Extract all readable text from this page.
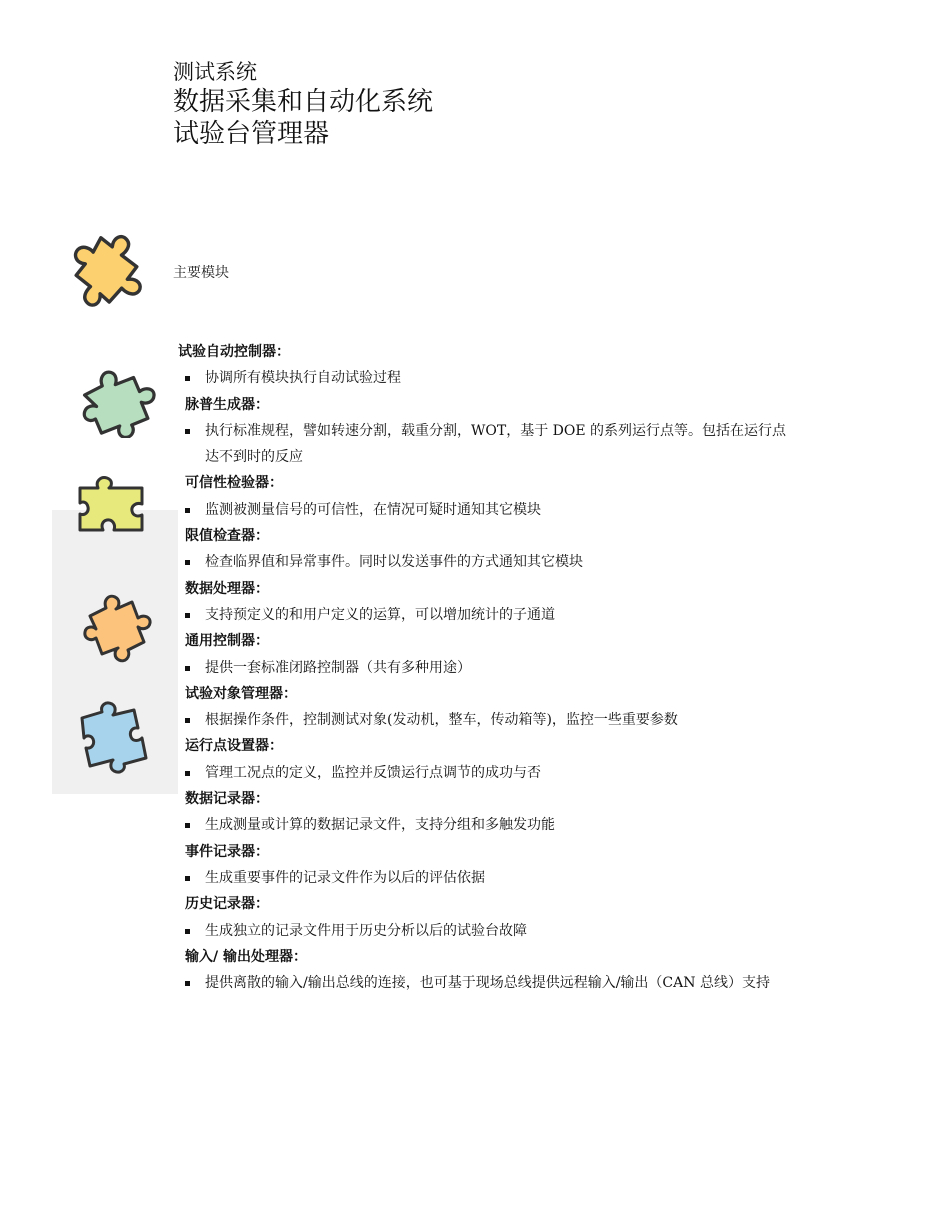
测试系统
数据采集和自动化系统
试验台管理器
主要模块
试验自动控制器：
协调所有模块执行自动试验过程
脉普生成器：
执行标准规程，譬如转速分割，载重分割，WOT，基于 DOE 的系列运行点等。包括在运行点达不到时的反应
可信性检验器：
监测被测量信号的可信性，在情况可疑时通知其它模块
限值检查器：
检查临界值和异常事件。同时以发送事件的方式通知其它模块
数据处理器：
支持预定义的和用户定义的运算，可以增加统计的子通道
通用控制器：
提供一套标准闭路控制器（共有多种用途）
试验对象管理器：
根据操作条件，控制测试对象(发动机，整车，传动箱等)，监控一些重要参数
运行点设置器：
管理工况点的定义，监控并反馈运行点调节的成功与否
数据记录器：
生成测量或计算的数据记录文件，支持分组和多触发功能
事件记录器：
生成重要事件的记录文件作为以后的评估依据
历史记录器：
生成独立的记录文件用于历史分析以后的试验台故障
输入/ 输出处理器：
提供离散的输入/输出总线的连接，也可基于现场总线提供远程输入/输出（CAN 总线）支持
